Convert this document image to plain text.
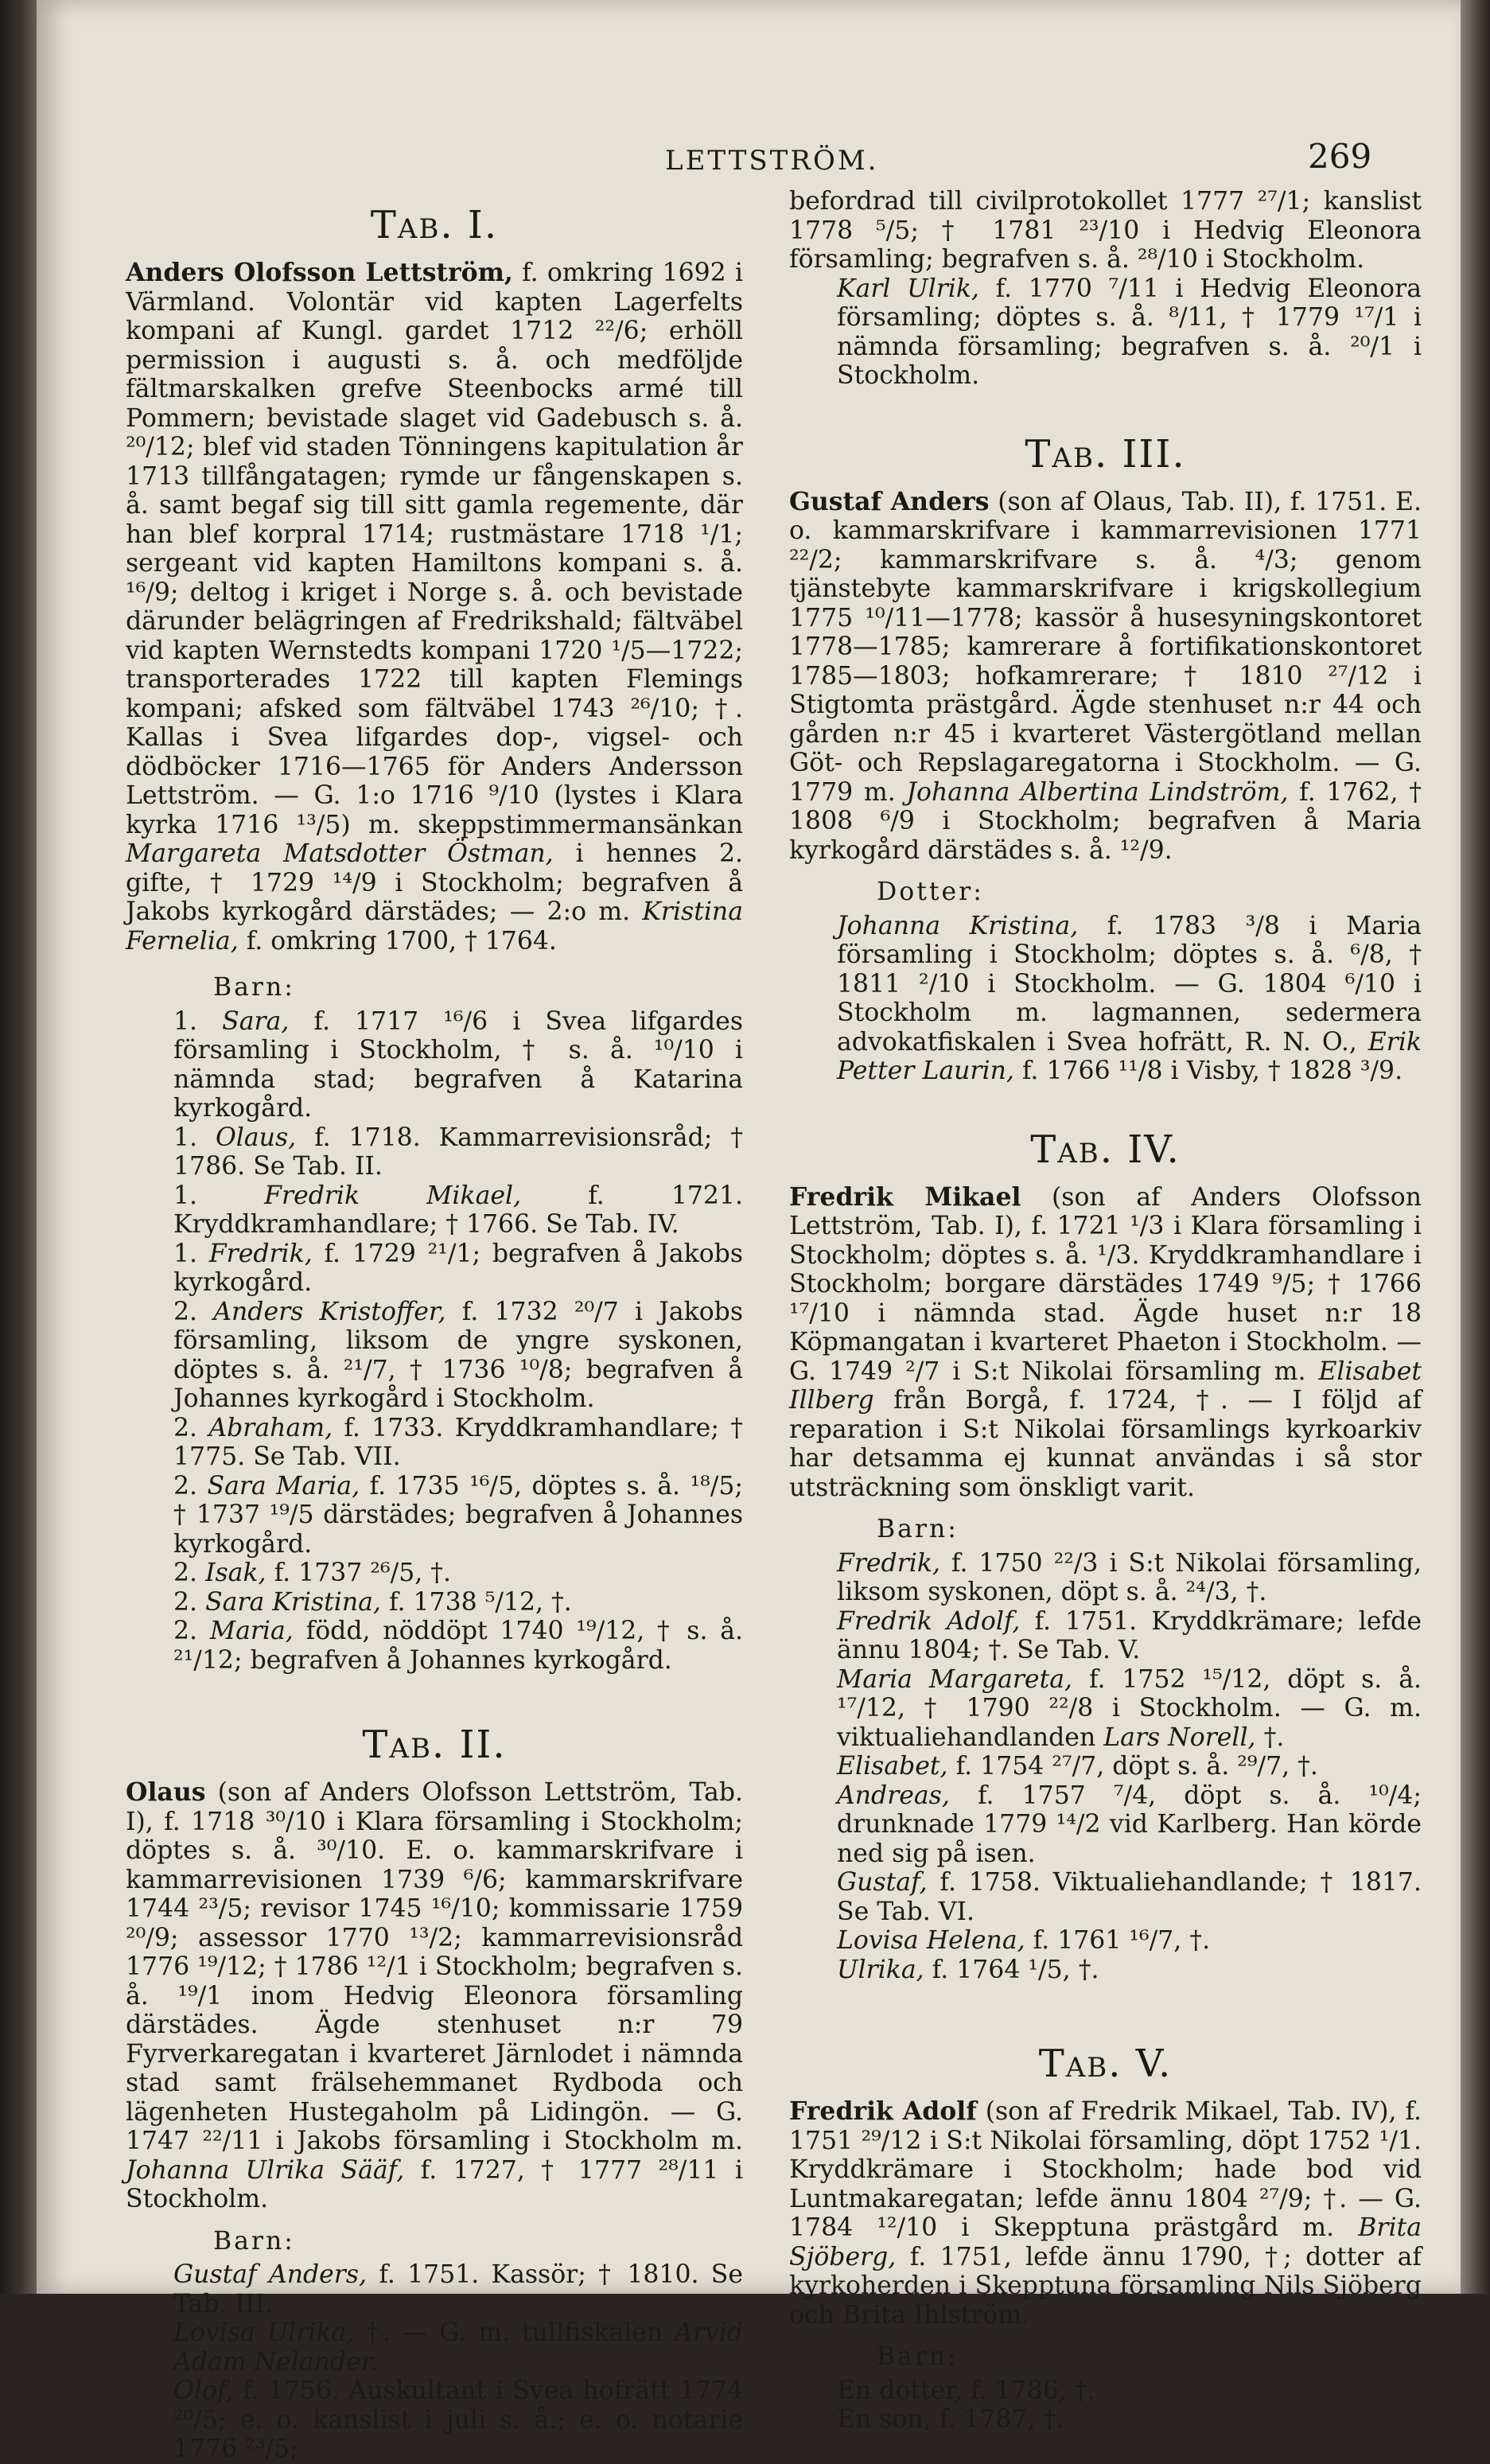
LETTSTRÖM.	269
Tab. I.

Anders Olofsson Lettström, f. omkring 1692 i Värmland. Volontär vid kapten Lagerfelts kompani af Kungl. gardet 1712 ²²/6; erhöll permission i augusti s. å. och medföljde fältmarskalken grefve Steenbocks armé till Pommern; bevistade slaget vid Gadebusch s. å. ²⁰/12; blef vid staden Tönningens kapitulation år 1713 tillfångatagen; rymde ur fångenskapen s. å. samt begaf sig till sitt gamla regemente, där han blef korpral 1714; rustmästare 1718 ¹/1; sergeant vid kapten Hamiltons kompani s. å. ¹⁶/9; deltog i kriget i Norge s. å. och bevistade därunder belägringen af Fredrikshald; fältväbel vid kapten Wernstedts kompani 1720 ¹/5—1722; transporterades 1722 till kapten Flemings kompani; afsked som fältväbel 1743 ²⁶/10; †. Kallas i Svea lifgardes dop-, vigsel- och dödböcker 1716—1765 för Anders Andersson Lettström. — G. 1:o 1716 ⁹/10 (lystes i Klara kyrka 1716 ¹³/5) m. skeppstimmermansänkan Margareta Matsdotter Östman, i hennes 2. gifte, † 1729 ¹⁴/9 i Stockholm; begrafven å Jakobs kyrkogård därstädes; — 2:o m. Kristina Fernelia, f. omkring 1700, † 1764.

Barn:

1. Sara, f. 1717 ¹⁶/6 i Svea lifgardes församling i Stockholm, † s. å. ¹⁰/10 i nämnda stad; begrafven å Katarina kyrkogård.

1. Olaus, f. 1718. Kammarrevisionsråd; † 1786. Se Tab. II.

1.	Fredrik Mikael,	f. 1721. Kryddkramhandlare; † 1766. Se Tab. IV.

1. Fredrik, f. 1729 ²¹/1; begrafven å Jakobs kyrkogård.

2. Anders Kristoffer, f. 1732 ²⁰/7 i Jakobs församling, liksom de yngre syskonen, döptes s. å. ²¹/7, † 1736 ¹⁰/8; begrafven å Johannes kyrkogård i Stockholm.

2. Abraham, f. 1733. Kryddkramhandlare; † 1775. Se Tab. VII.

2. Sara Maria, f. 1735 ¹⁶/5, döptes s. å. ¹⁸/5; † 1737 ¹⁹/5 därstädes; begrafven å Johannes kyrkogård.

2. Isak, f. 1737 ²⁶/5, †.

2. Sara Kristina, f. 1738 ⁵/12, †.

2. Maria, född, nöddöpt 1740 ¹⁹/12, † s. å. ²¹/12; begrafven å Johannes kyrkogård.

Tab. II.

Olaus (son af Anders Olofsson Lettström, Tab. I), f. 1718 ³⁰/10 i Klara församling i Stockholm; döptes s. å. ³⁰/10. E. o. kammarskrifvare i kammarrevisionen 1739 ⁶/6; kammarskrifvare 1744 ²³/5; revisor 1745 ¹⁶/10; kommissarie 1759 ²⁰/9; assessor 1770 ¹³/2; kammarrevisionsråd 1776 ¹⁹/12; † 1786 ¹²/1 i Stockholm; begrafven s. å. ¹⁹/1 inom Hedvig Eleonora församling därstädes. Ägde stenhuset n:r 79 Fyrverkaregatan i kvarteret Järnlodet i nämnda stad samt frälsehemmanet Rydboda och lägenheten Hustegaholm på Lidingön. — G. 1747 ²²/11 i Jakobs församling i Stockholm m. Johanna Ulrika Sääf, f. 1727, † 1777 ²⁸/11 i Stockholm.

Barn:

Gustaf Anders, f. 1751. Kassör; † 1810. Se Tab. III.

Lovisa Ulrika, †. — G. m. tullfiskalen Arvid Adam Nelander.

Olof, f. 1756. Auskultant i Svea hofrätt 1774 ²⁰/5; e. o. kanslist i juli s. å.; e. o. notarie 1776 ²³/5;

befordrad till civilprotokollet 1777 ²⁷/1; kanslist 1778 ⁵/5; † 1781 ²³/10 i Hedvig Eleonora församling; begrafven s. å. ²⁸/10 i Stockholm.

Karl Ulrik, f. 1770 ⁷/11 i Hedvig Eleonora församling; döptes s. å. ⁸/11, † 1779 ¹⁷/1 i nämnda församling; begrafven s. å. ²⁰/1 i Stockholm.

Tab. III.

Gustaf Anders (son af Olaus, Tab. II), f. 1751. E. o. kammarskrifvare i kammarrevisionen 1771 ²²/2; kammarskrifvare s. å. ⁴/3; genom tjänstebyte kammarskrifvare i krigskollegium 1775 ¹⁰/11—1778; kassör å husesyningskontoret 1778—1785; kamrerare å fortifikationskontoret 1785—1803; hofkamrerare; † 1810 ²⁷/12 i Stigtomta prästgård. Ägde stenhuset n:r 44 och gården n:r 45 i kvarteret Västergötland mellan Göt- och Repslagaregatorna i Stockholm. — G. 1779 m. Johanna Albertina Lindström, f. 1762, † 1808 ⁶/9 i Stockholm; begrafven å Maria kyrkogård därstädes s. å. ¹²/9.

Dotter:

Johanna Kristina, f. 1783 ³/8 i Maria församling i Stockholm; döptes s. å. ⁶/8, † 1811 ²/10 i Stockholm. — G. 1804 ⁶/10 i Stockholm m. lagmannen, sedermera advokatfiskalen i Svea hofrätt, R. N. O., Erik Petter Laurin, f. 1766 ¹¹/8 i Visby, † 1828 ³/9.

Tab. IV.

Fredrik Mikael (son af Anders Olofsson Lettström, Tab. I), f. 1721 ¹/3 i Klara församling i Stockholm; döptes s. å. ¹/3. Kryddkramhandlare i Stockholm; borgare därstädes 1749 ⁹/5; † 1766 ¹⁷/10 i nämnda stad. Ägde huset n:r 18 Köpmangatan i kvarteret Phaeton i Stockholm. — G. 1749 ²/7 i S:t Nikolai församling m. Elisabet Illberg från Borgå, f. 1724, †. — I följd af reparation i S:t Nikolai församlings kyrkoarkiv har detsamma ej kunnat användas i så stor utsträckning som önskligt varit.

Barn:

Fredrik, f. 1750 ²²/3 i S:t Nikolai församling, liksom syskonen, döpt s. å. ²⁴/3, †.

Fredrik Adolf, f. 1751. Kryddkrämare; lefde ännu 1804; †. Se Tab. V.

Maria Margareta, f. 1752 ¹⁵/12, döpt s. å. ¹⁷/12, † 1790 ²²/8 i Stockholm. — G. m. viktualiehandlanden Lars Norell, †.

Elisabet, f. 1754 ²⁷/7, döpt s. å. ²⁹/7, †.

Andreas, f. 1757 ⁷/4, döpt s. å. ¹⁰/4; drunknade 1779 ¹⁴/2 vid Karlberg. Han körde ned sig på isen.

Gustaf, f. 1758. Viktualiehandlande; † 1817. Se Tab. VI.

Lovisa Helena, f. 1761 ¹⁶/7, †.

Ulrika, f. 1764 ¹/5, †.

Tab. V.

Fredrik Adolf (son af Fredrik Mikael, Tab. IV), f. 1751 ²⁹/12 i S:t Nikolai församling, döpt 1752 ¹/1. Kryddkrämare i Stockholm; hade bod vid Luntmakaregatan; lefde ännu 1804 ²⁷/9; †. — G. 1784 ¹²/10 i Skepptuna prästgård m. Brita Sjöberg, f. 1751, lefde ännu 1790, †; dotter af kyrkoherden i Skepptuna församling Nils Sjöberg och Brita Ihlström.

Barn:

En dotter, f. 1786, †.

En son, f. 1787, †.
